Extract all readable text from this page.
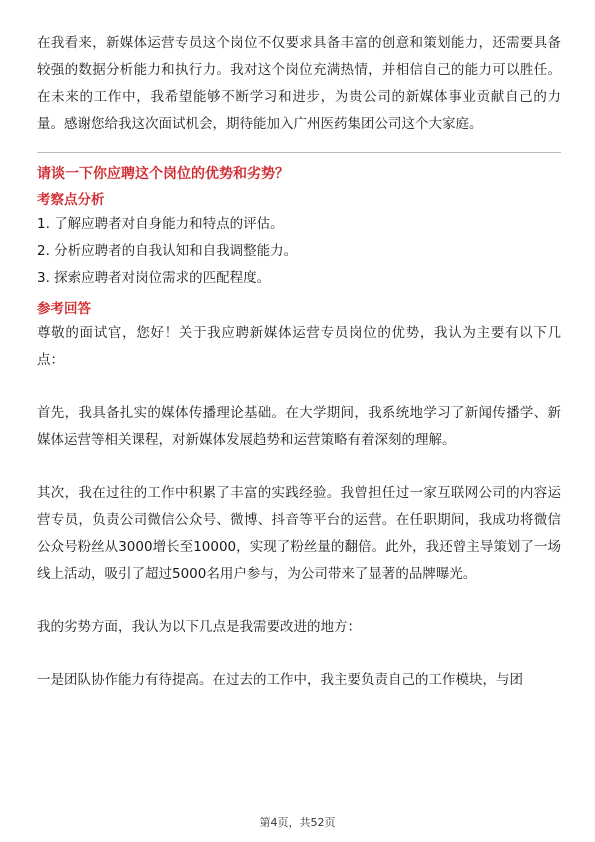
在我看来，新媒体运营专员这个岗位不仅要求具备丰富的创意和策划能力，还需要具备较强的数据分析能力和执行力。我对这个岗位充满热情，并相信自己的能力可以胜任。在未来的工作中，我希望能够不断学习和进步，为贵公司的新媒体事业贡献自己的力量。感谢您给我这次面试机会，期待能加入广州医药集团公司这个大家庭。

请谈一下你应聘这个岗位的优势和劣势？
考察点分析

1. 了解应聘者对自身能力和特点的评估。

2. 分析应聘者的自我认知和自我调整能力。

3. 探索应聘者对岗位需求的匹配程度。

参考回答

尊敬的面试官，您好！关于我应聘新媒体运营专员岗位的优势，我认为主要有以下几点：

首先，我具备扎实的媒体传播理论基础。在大学期间，我系统地学习了新闻传播学、新媒体运营等相关课程，对新媒体发展趋势和运营策略有着深刻的理解。

其次，我在过往的工作中积累了丰富的实践经验。我曾担任过一家互联网公司的内容运营专员，负责公司微信公众号、微博、抖音等平台的运营。在任职期间，我成功将微信公众号粉丝从3000增长至10000，实现了粉丝量的翻倍。此外，我还曾主导策划了一场线上活动，吸引了超过5000名用户参与，为公司带来了显著的品牌曝光。

我的劣势方面，我认为以下几点是我需要改进的地方：

一是团队协作能力有待提高。在过去的工作中，我主要负责自己的工作模块，与团

第4页，共52页
